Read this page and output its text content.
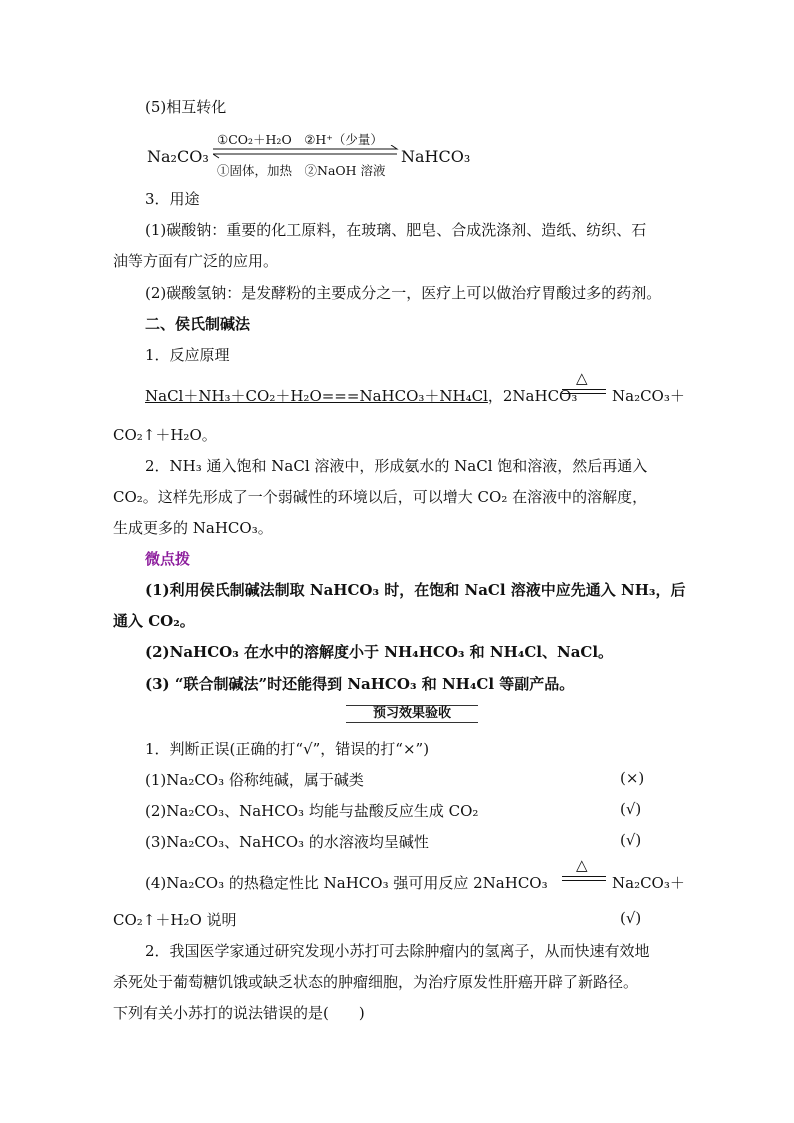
(5)相互转化
Na₂CO₃
①CO₂＋H₂O　②H⁺（少量）
①固体，加热　②NaOH 溶液
NaHCO₃
3．用途
(1)碳酸钠：重要的化工原料，在玻璃、肥皂、合成洗涤剂、造纸、纺织、石
油等方面有广泛的应用。
(2)碳酸氢钠：是发酵粉的主要成分之一，医疗上可以做治疗胃酸过多的药剂。
二、侯氏制碱法
1．反应原理
NaCl＋NH₃＋CO₂＋H₂O===NaHCO₃＋NH₄Cl，2NaHCO₃
△
Na₂CO₃＋
CO₂↑＋H₂O。
2．NH₃ 通入饱和 NaCl 溶液中，形成氨水的 NaCl 饱和溶液，然后再通入
CO₂。这样先形成了一个弱碱性的环境以后，可以增大 CO₂ 在溶液中的溶解度，
生成更多的 NaHCO₃。
微点拨
(1)利用侯氏制碱法制取 NaHCO₃ 时，在饱和 NaCl 溶液中应先通入 NH₃，后
通入 CO₂。
(2)NaHCO₃ 在水中的溶解度小于 NH₄HCO₃ 和 NH₄Cl、NaCl。
(3) “联合制碱法”时还能得到 NaHCO₃ 和 NH₄Cl 等副产品。
预习效果验收
1．判断正误(正确的打“√”，错误的打“×”)
(1)Na₂CO₃ 俗称纯碱，属于碱类	(×)
(2)Na₂CO₃、NaHCO₃ 均能与盐酸反应生成 CO₂	(√)
(3)Na₂CO₃、NaHCO₃ 的水溶液均呈碱性	(√)
(4)Na₂CO₃ 的热稳定性比 NaHCO₃ 强可用反应 2NaHCO₃
△
Na₂CO₃＋
CO₂↑＋H₂O 说明	(√)
2．我国医学家通过研究发现小苏打可去除肿瘤内的氢离子，从而快速有效地
杀死处于葡萄糖饥饿或缺乏状态的肿瘤细胞，为治疗原发性肝癌开辟了新路径。
下列有关小苏打的说法错误的是(　　)
